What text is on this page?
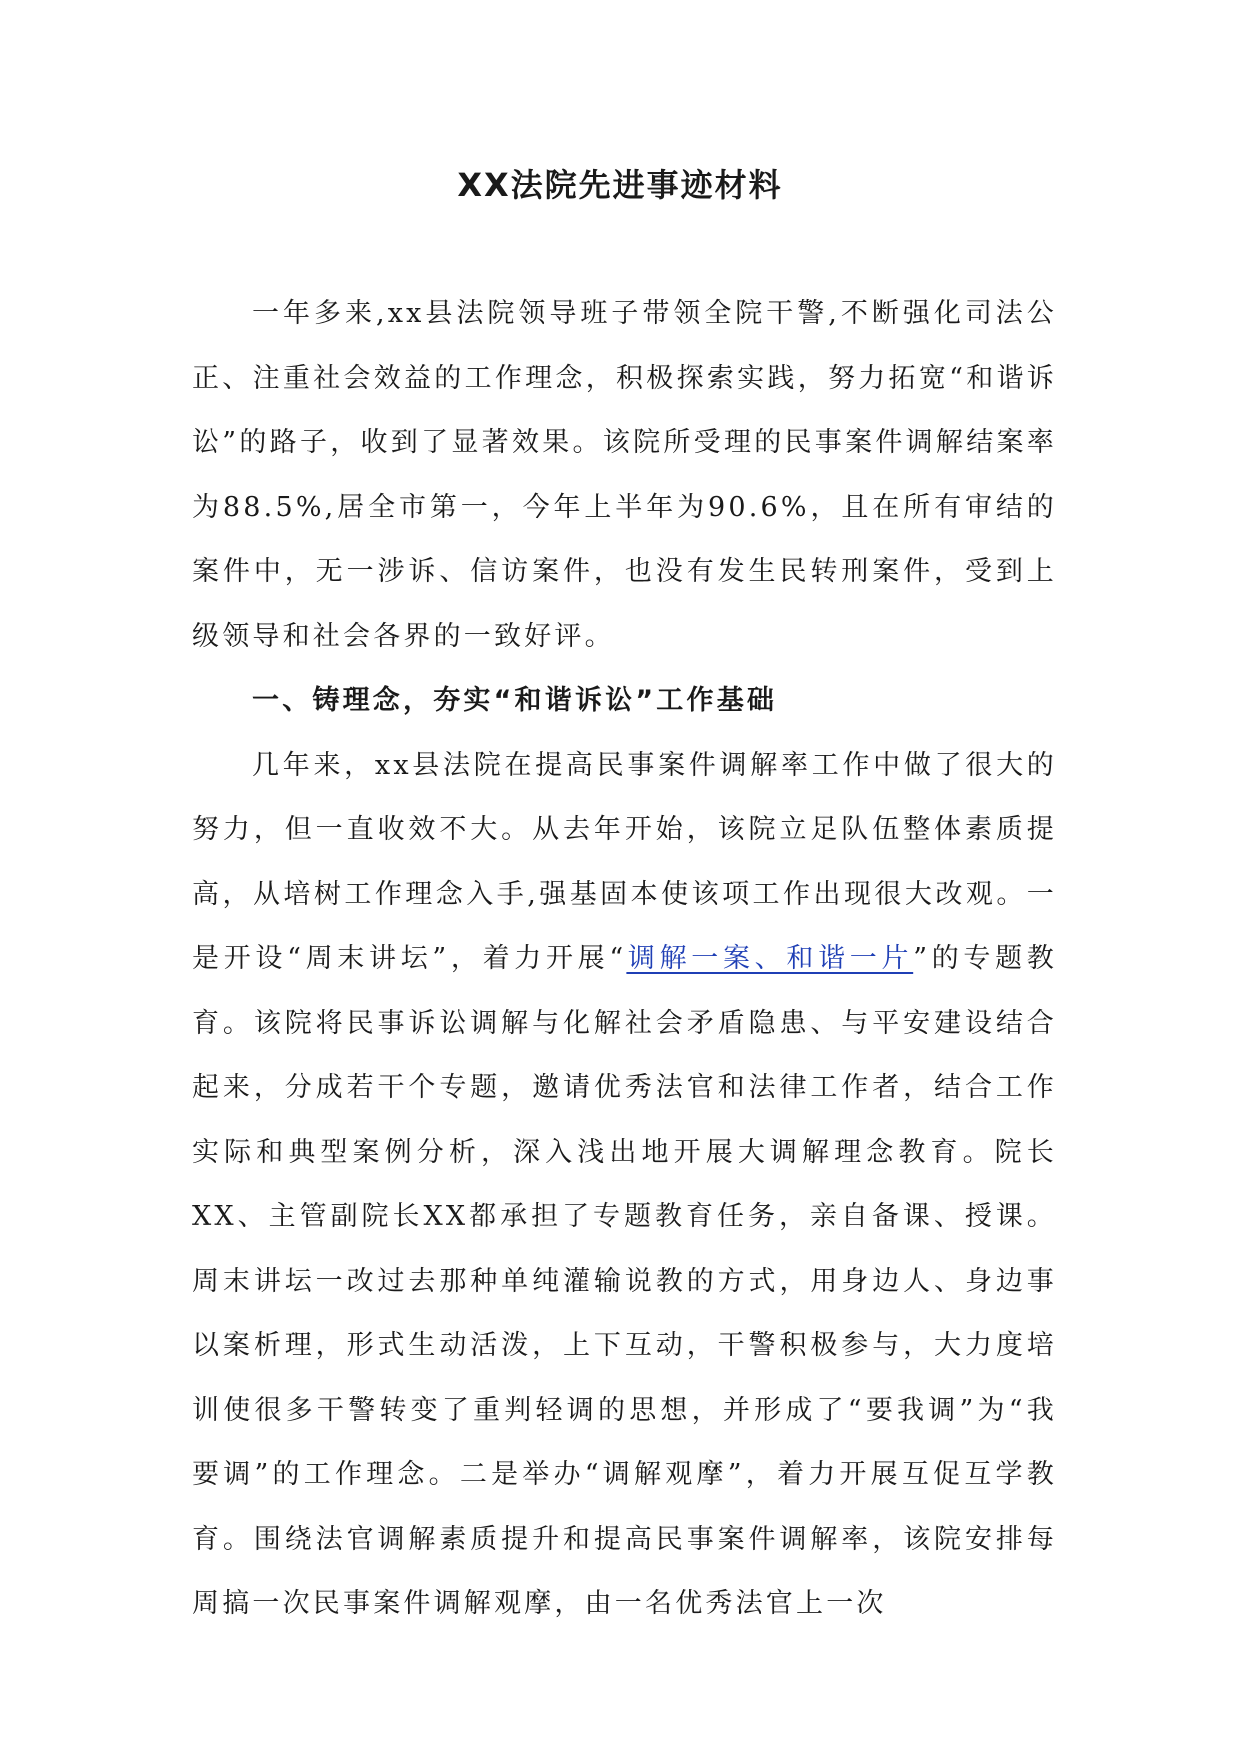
XX法院先进事迹材料

一年多来,xx县法院领导班子带领全院干警,不断强化司法公正、注重社会效益的工作理念，积极探索实践，努力拓宽“和谐诉讼”的路子，收到了显著效果。该院所受理的民事案件调解结案率为88.5%,居全市第一，今年上半年为90.6%，且在所有审结的案件中，无一涉诉、信访案件，也没有发生民转刑案件，受到上级领导和社会各界的一致好评。

一、铸理念，夯实“和谐诉讼”工作基础

几年来，xx县法院在提高民事案件调解率工作中做了很大的努力，但一直收效不大。从去年开始，该院立足队伍整体素质提高，从培树工作理念入手,强基固本使该项工作出现很大改观。一是开设“周末讲坛”，着力开展“调解一案、和谐一片”的专题教育。该院将民事诉讼调解与化解社会矛盾隐患、与平安建设结合起来，分成若干个专题，邀请优秀法官和法律工作者，结合工作实际和典型案例分析，深入浅出地开展大调解理念教育。院长XX、主管副院长XX都承担了专题教育任务，亲自备课、授课。周末讲坛一改过去那种单纯灌输说教的方式，用身边人、身边事以案析理，形式生动活泼，上下互动，干警积极参与，大力度培训使很多干警转变了重判轻调的思想，并形成了“要我调”为“我要调”的工作理念。二是举办“调解观摩”，着力开展互促互学教育。围绕法官调解素质提升和提高民事案件调解率，该院安排每周搞一次民事案件调解观摩，由一名优秀法官上一次
